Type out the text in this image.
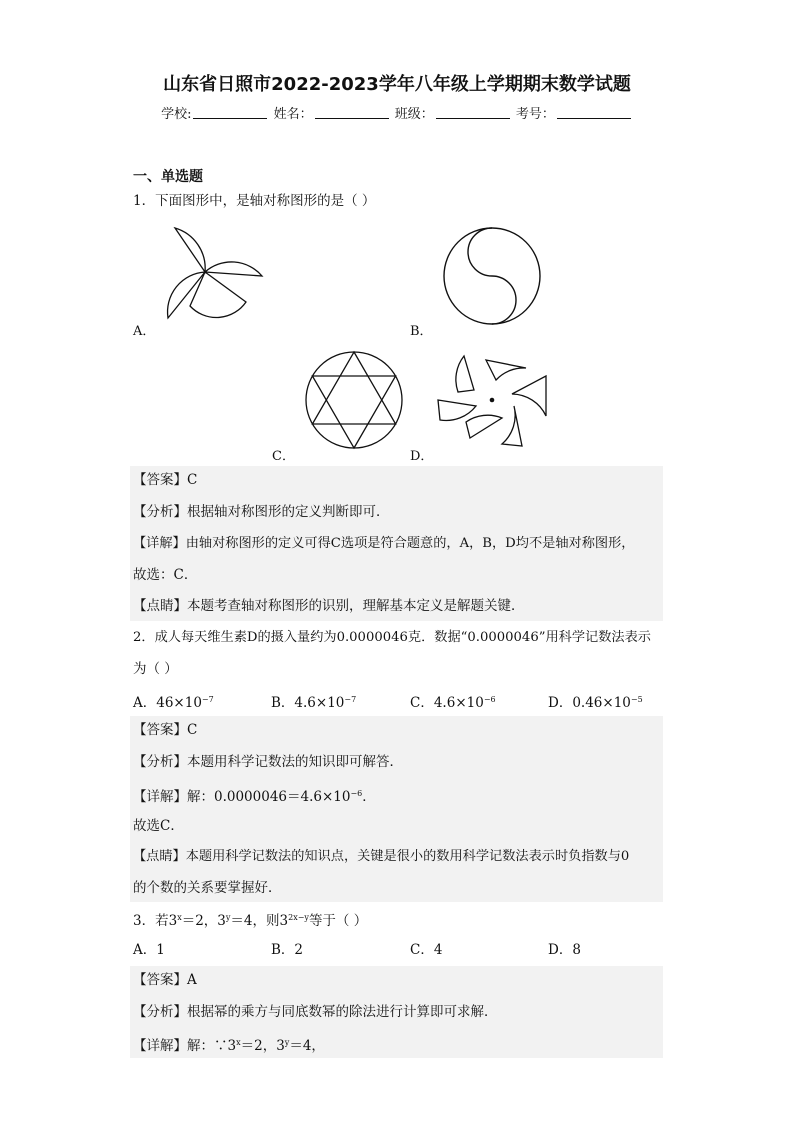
山东省日照市2022-2023学年八年级上学期期末数学试题
学校:	姓名：	班级：	考号：
一、单选题
1．下面图形中，是轴对称图形的是（ ）
A．	B．
C．	D．
【答案】C
【分析】根据轴对称图形的定义判断即可．
【详解】由轴对称图形的定义可得C选项是符合题意的，A，B，D均不是轴对称图形，
故选：C．
【点睛】本题考查轴对称图形的识别，理解基本定义是解题关键．
2．成人每天维生素D的摄入量约为0.0000046克．数据“0.0000046”用科学记数法表示
为（ ）
A．$46\times 10^{-7}$	B．$4.6\times 10^{-7}$	C．$4.6\times 10^{-6}$	D．$0.46\times 10^{-5}$
【答案】C
【分析】本题用科学记数法的知识即可解答．
【详解】解：$0.0000046=4.6\times 10^{-6}$．
故选C．
【点睛】本题用科学记数法的知识点，关键是很小的数用科学记数法表示时负指数与0
的个数的关系要掌握好．
3．若$3^x=2$，$3^y=4$，则$3^{2x-y}$等于（ ）
A．1	B．2	C．4	D．8
【答案】A
【分析】根据幂的乘方与同底数幂的除法进行计算即可求解．
【详解】解：$\because 3^x=2$，$3^y=4$，
